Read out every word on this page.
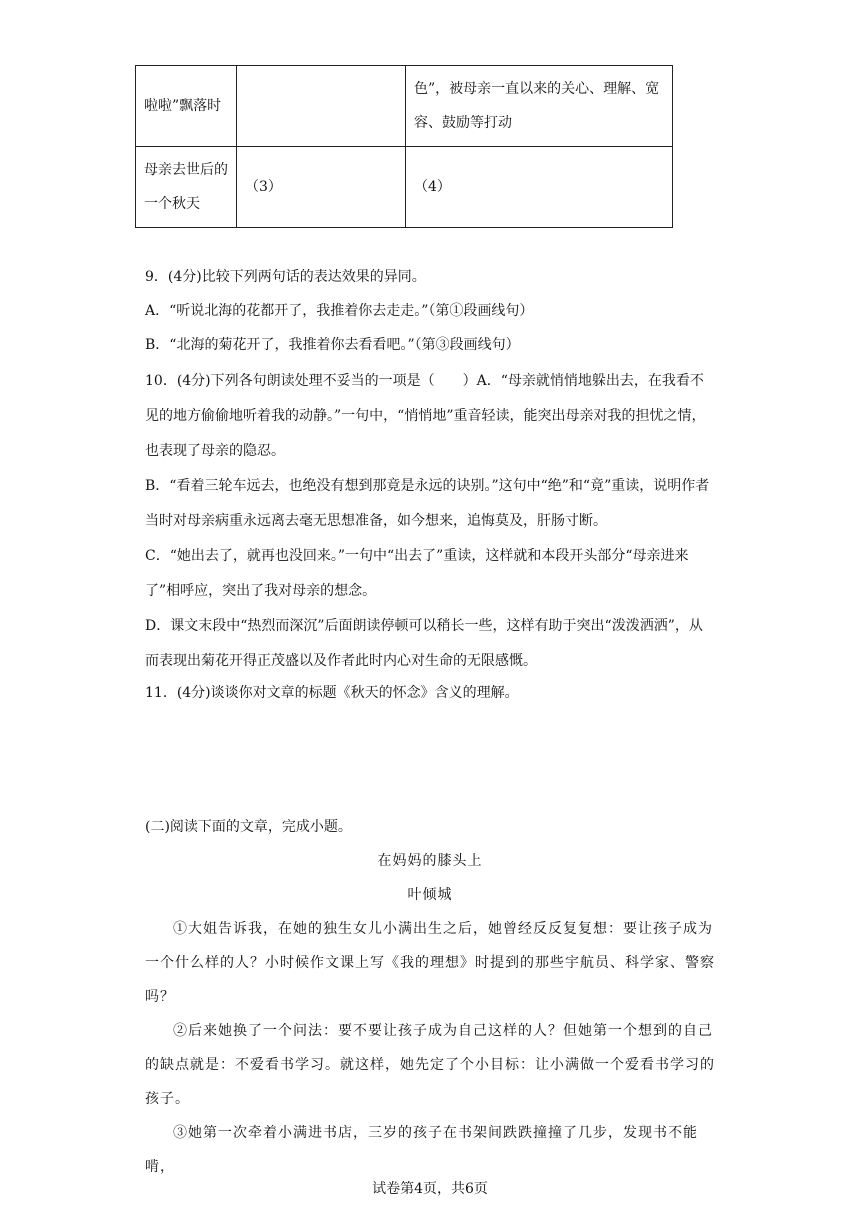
啦啦”飘落时		色”，被母亲一直以来的关心、理解、宽容、鼓励等打动
母亲去世后的一个秋天	（3）	（4）

9．(4分)比较下列两句话的表达效果的异同。

A．“听说北海的花都开了，我推着你去走走。”（第①段画线句）

B．“北海的菊花开了，我推着你去看看吧。”（第③段画线句）

10．(4分)下列各句朗读处理不妥当的一项是（　　）A．“母亲就悄悄地躲出去，在我看不见的地方偷偷地听着我的动静。”一句中，“悄悄地”重音轻读，能突出母亲对我的担忧之情，也表现了母亲的隐忍。

B．“看着三轮车远去，也绝没有想到那竟是永远的诀别。”这句中“绝”和“竟”重读，说明作者当时对母亲病重永远离去毫无思想准备，如今想来，追悔莫及，肝肠寸断。

C．“她出去了，就再也没回来。”一句中“出去了”重读，这样就和本段开头部分“母亲进来了”相呼应，突出了我对母亲的想念。

D．课文末段中“热烈而深沉”后面朗读停顿可以稍长一些，这样有助于突出“泼泼洒洒”，从而表现出菊花开得正茂盛以及作者此时内心对生命的无限感慨。

11．(4分)谈谈你对文章的标题《秋天的怀念》含义的理解。

(二)阅读下面的文章，完成小题。

在妈妈的膝头上
叶倾城

①大姐告诉我，在她的独生女儿小满出生之后，她曾经反反复复想：要让孩子成为一个什么样的人？小时候作文课上写《我的理想》时提到的那些宇航员、科学家、警察吗？

②后来她换了一个问法：要不要让孩子成为自己这样的人？但她第一个想到的自己的缺点就是：不爱看书学习。就这样，她先定了个小目标：让小满做一个爱看书学习的孩子。

③她第一次牵着小满进书店，三岁的孩子在书架间跌跌撞撞了几步，发现书不能啃，

试卷第4页，共6页
